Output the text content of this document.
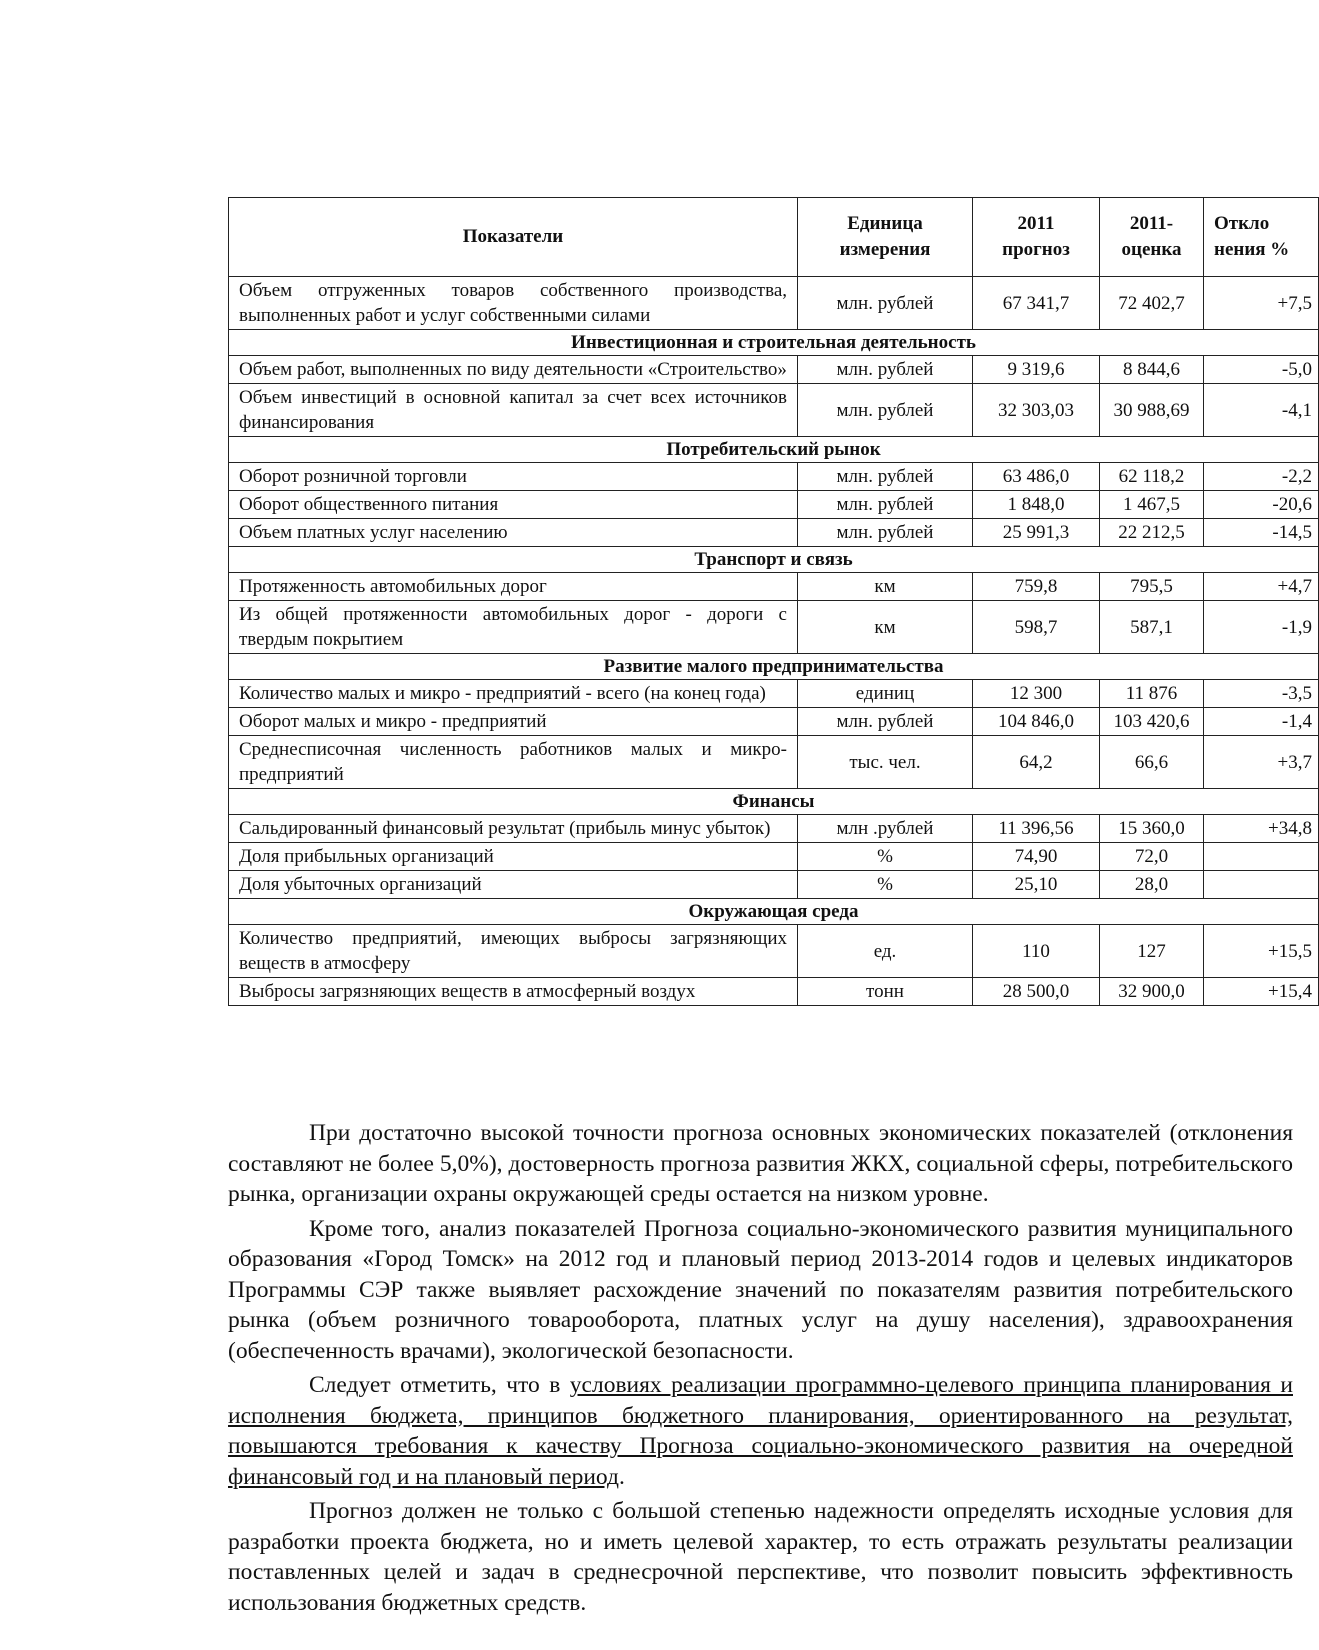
Показатели	Единица измерения	2011 прогноз	2011- оценка	Откло нения %
Объем отгруженных товаров собственного производства, выполненных работ и услуг собственными силами	млн. рублей	67 341,7	72 402,7	+7,5
Инвестиционная и строительная деятельность				
Объем работ, выполненных по виду деятельности «Строительство»	млн. рублей	9 319,6	8 844,6	-5,0
Объем инвестиций в основной капитал за счет всех источников финансирования	млн. рублей	32 303,03	30 988,69	-4,1
Потребительский рынок				
Оборот розничной торговли	млн. рублей	63 486,0	62 118,2	-2,2
Оборот общественного питания	млн. рублей	1 848,0	1 467,5	-20,6
Объем платных услуг населению	млн. рублей	25 991,3	22 212,5	-14,5
Транспорт и связь				
Протяженность автомобильных дорог	км	759,8	795,5	+4,7
Из общей протяженности автомобильных дорог - дороги с твердым покрытием	км	598,7	587,1	-1,9
Развитие малого предпринимательства				
Количество малых и микро - предприятий - всего (на конец года)	единиц	12 300	11 876	-3,5
Оборот малых и микро - предприятий	млн. рублей	104 846,0	103 420,6	-1,4
Среднесписочная численность работников малых и микро- предприятий	тыс. чел.	64,2	66,6	+3,7
Финансы				
Сальдированный финансовый результат (прибыль минус убыток)	млн .рублей	11 396,56	15 360,0	+34,8
Доля прибыльных организаций	%	74,90	72,0	
Доля убыточных организаций	%	25,10	28,0	
Окружающая среда				
Количество предприятий, имеющих выбросы загрязняющих веществ в атмосферу	ед.	110	127	+15,5
Выбросы загрязняющих веществ в атмосферный воздух	тонн	28 500,0	32 900,0	+15,4

При достаточно высокой точности прогноза основных экономических показателей (отклонения составляют не более 5,0%), достоверность прогноза развития ЖКХ, социальной сферы, потребительского рынка, организации охраны окружающей среды остается на низком уровне.

Кроме того, анализ показателей Прогноза социально-экономического развития муниципального образования «Город Томск» на 2012 год и плановый период 2013-2014 годов и целевых индикаторов Программы СЭР также выявляет расхождение значений по показателям развития потребительского рынка (объем розничного товарооборота, платных услуг на душу населения), здравоохранения (обеспеченность врачами), экологической безопасности.

Следует отметить, что в условиях реализации программно-целевого принципа планирования и исполнения бюджета, принципов бюджетного планирования, ориентированного на результат, повышаются требования к качеству Прогноза социально-экономического развития на очередной финансовый год и на плановый период.

Прогноз должен не только с большой степенью надежности определять исходные условия для разработки проекта бюджета, но и иметь целевой характер, то есть отражать результаты реализации поставленных целей и задач в среднесрочной перспективе, что позволит повысить эффективность использования бюджетных средств.
